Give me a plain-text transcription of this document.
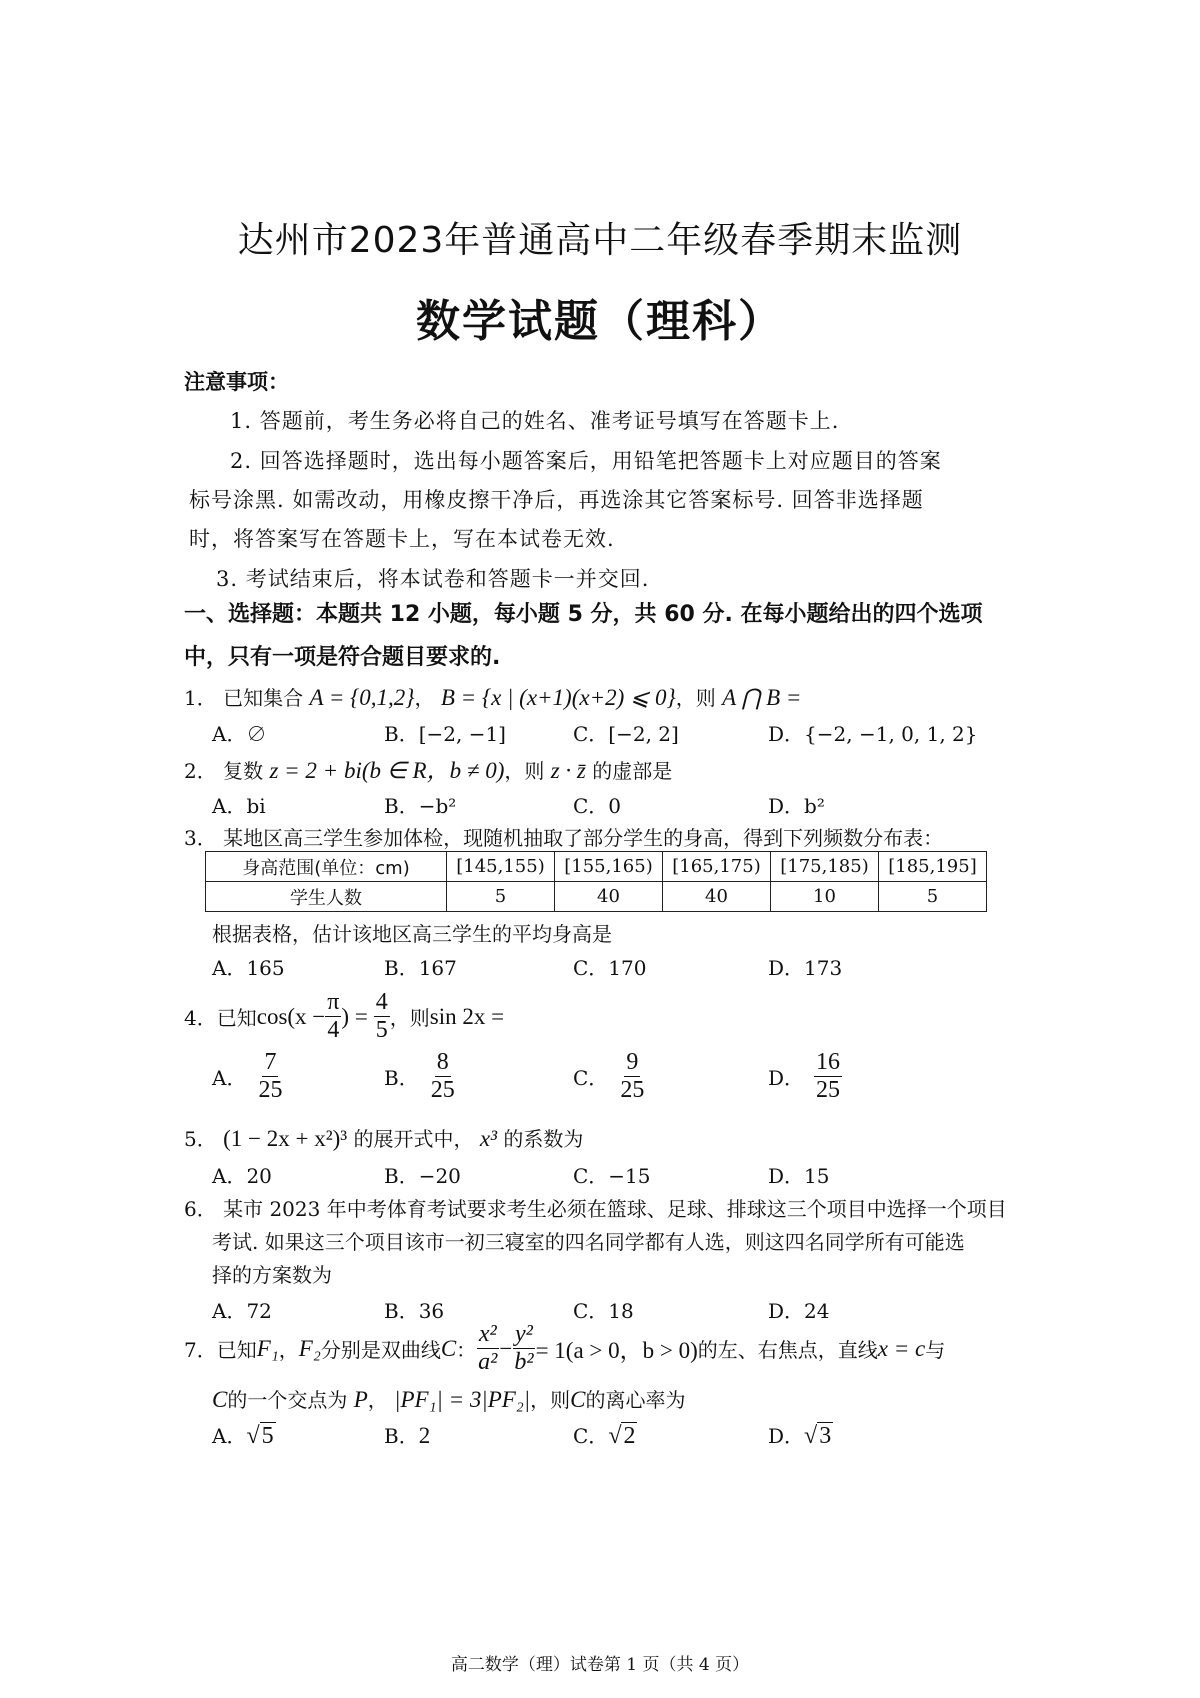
达州市2023年普通高中二年级春季期末监测
数学试题（理科）
注意事项：
1. 答题前，考生务必将自己的姓名、准考证号填写在答题卡上.
2. 回答选择题时，选出每小题答案后，用铅笔把答题卡上对应题目的答案
标号涂黑. 如需改动，用橡皮擦干净后，再选涂其它答案标号. 回答非选择题
时，将答案写在答题卡上，写在本试卷无效.
3. 考试结束后，将本试卷和答题卡一并交回.
一、选择题：本题共 12 小题，每小题 5 分，共 60 分. 在每小题给出的四个选项
中，只有一项是符合题目要求的.
1． 已知集合 A = {0,1,2}， B = {x | (x+1)(x+2) ⩽ 0}，则 A ⋂ B =
A．∅	B．[−2, −1]	C．[−2, 2]	D．{−2, −1, 0, 1, 2}
2． 复数 z = 2 + bi(b ∈ R，b ≠ 0)，则 z · z̄ 的虚部是
A．bi	B．−b²	C．0	D．b²
3． 某地区高三学生参加体检，现随机抽取了部分学生的身高，得到下列频数分布表：
身高范围(单位：cm)	[145,155)	[155,165)	[165,175)	[175,185)	[185,195]
学生人数	5	40	40	10	5
根据表格，估计该地区高三学生的平均身高是
A．165	B．167	C．170	D．173
4． 已知 $\cos(x - \frac{\pi}{4}$ ) = $\frac{4}{5}$ ，则 sin 2x =
A． $\frac{7}{25}$	B． $\frac{8}{25}$	C． $\frac{9}{25}$	D． $\frac{16}{25}$
5． (1 − 2x + x²)³ 的展开式中， x³ 的系数为
A．20	B．−20	C．−15	D．15
6． 某市 2023 年中考体育考试要求考生必须在篮球、足球、排球这三个项目中选择一个项目
考试. 如果这三个项目该市一初三寝室的四名同学都有人选，则这四名同学所有可能选
择的方案数为
A．72	B．36	C．18	D．24
7． 已知 F₁ ， F₂ 分别是双曲线 C ： $\frac{\text{x²}}{\text{a²}} - \frac{\text{y²}}{\text{b²}} = 1(a > 0$，b > 0) 的左、右焦点，直线 x = c 与
C的一个交点为 P， |PF₁| = 3|PF₂|，则C的离心率为
A．√5	B．2	C．√2	D．√3
高二数学（理）试卷第 1 页（共 4 页）
